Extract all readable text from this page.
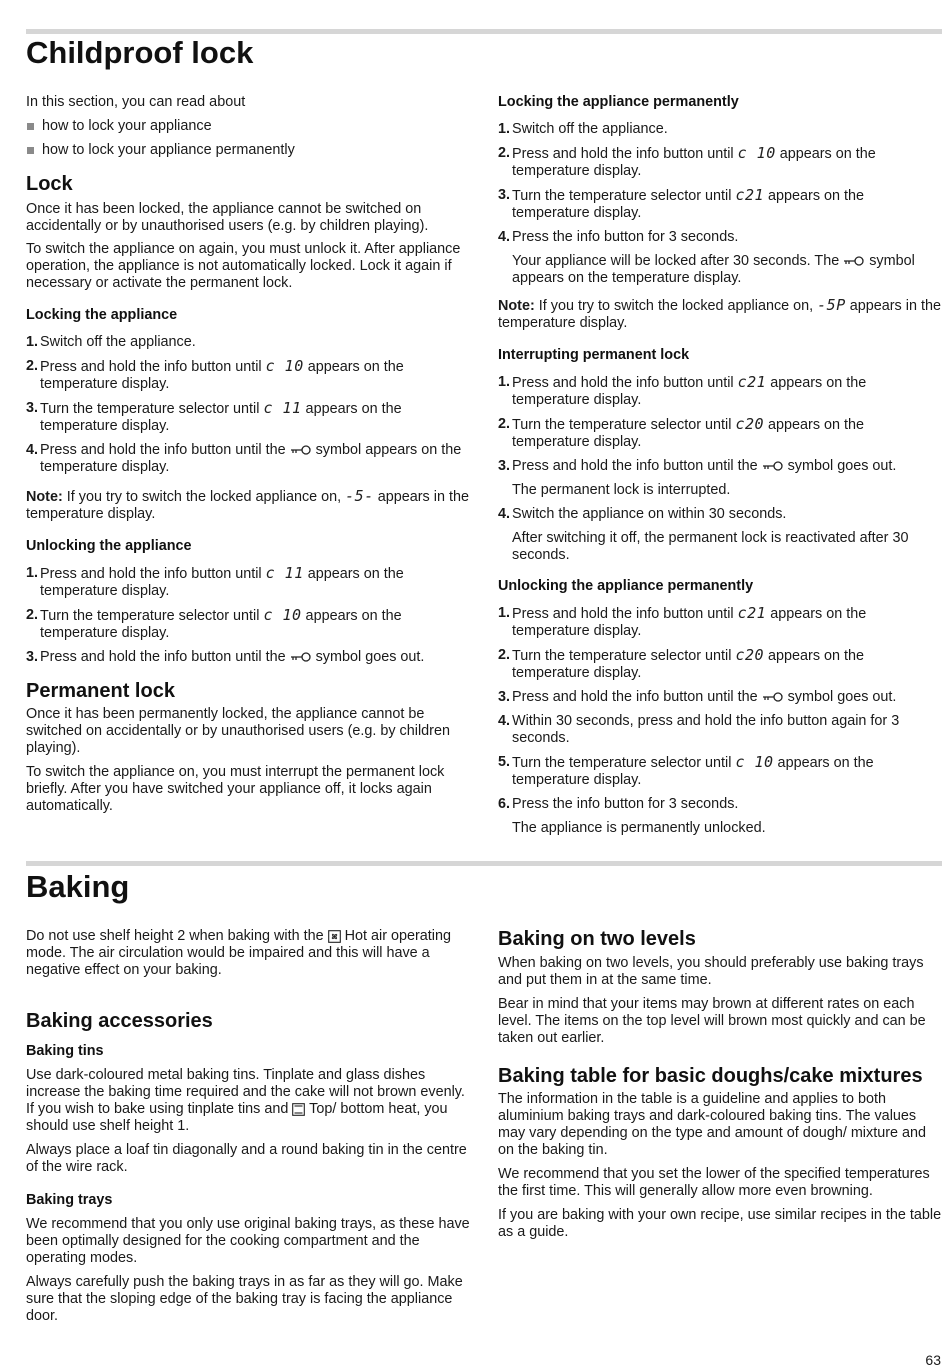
Childproof lock

In this section, you can read about

how to lock your appliance
how to lock your appliance permanently
Lock

Once it has been locked, the appliance cannot be switched on accidentally or by unauthorised users (e.g. by children playing).

To switch the appliance on again, you must unlock it. After appliance operation, the appliance is not automatically locked. Lock it again if necessary or activate the permanent lock.

Locking the appliance
1. Switch off the appliance.
2. Press and hold the info button until c 10 appears on the temperature display.
3. Turn the temperature selector until c 11 appears on the temperature display.
4. Press and hold the info button until the  symbol appears on the temperature display.

Note: If you try to switch the locked appliance on, -5- appears in the temperature display.

Unlocking the appliance
1. Press and hold the info button until c 11 appears on the temperature display.
2. Turn the temperature selector until c 10 appears on the temperature display.
3. Press and hold the info button until the  symbol goes out.
Permanent lock

Once it has been permanently locked, the appliance cannot be switched on accidentally or by unauthorised users (e.g. by children playing).

To switch the appliance on, you must interrupt the permanent lock briefly. After you have switched your appliance off, it locks again automatically.

Locking the appliance permanently
1. Switch off the appliance.
2. Press and hold the info button until c 10 appears on the temperature display.
3. Turn the temperature selector until c21 appears on the temperature display.
4. Press the info button for 3 seconds.
Your appliance will be locked after 30 seconds. The  symbol appears on the temperature display.

Note: If you try to switch the locked appliance on, -5P appears in the temperature display.

Interrupting permanent lock
1. Press and hold the info button until c21 appears on the temperature display.
2. Turn the temperature selector until c20 appears on the temperature display.
3. Press and hold the info button until the  symbol goes out.
The permanent lock is interrupted.
4. Switch the appliance on within 30 seconds.
After switching it off, the permanent lock is reactivated after 30 seconds.
Unlocking the appliance permanently
1. Press and hold the info button until c21 appears on the temperature display.
2. Turn the temperature selector until c20 appears on the temperature display.
3. Press and hold the info button until the  symbol goes out.
4. Within 30 seconds, press and hold the info button again for 3 seconds.
5. Turn the temperature selector until c 10 appears on the temperature display.
6. Press the info button for 3 seconds.
The appliance is permanently unlocked.
Baking

Do not use shelf height 2 when baking with the  Hot air operating mode. The air circulation would be impaired and this will have a negative effect on your baking.

Baking accessories
Baking tins

Use dark-coloured metal baking tins. Tinplate and glass dishes increase the baking time required and the cake will not brown evenly. If you wish to bake using tinplate tins and  Top/ bottom heat, you should use shelf height 1.

Always place a loaf tin diagonally and a round baking tin in the centre of the wire rack.

Baking trays

We recommend that you only use original baking trays, as these have been optimally designed for the cooking compartment and the operating modes.

Always carefully push the baking trays in as far as they will go. Make sure that the sloping edge of the baking tray is facing the appliance door.

Baking on two levels

When baking on two levels, you should preferably use baking trays and put them in at the same time.

Bear in mind that your items may brown at different rates on each level. The items on the top level will brown most quickly and can be taken out earlier.

Baking table for basic doughs/cake mixtures

The information in the table is a guideline and applies to both aluminium baking trays and dark-coloured baking tins. The values may vary depending on the type and amount of dough/ mixture and on the baking tin.

We recommend that you set the lower of the specified temperatures the first time. This will generally allow more even browning.

If you are baking with your own recipe, use similar recipes in the table as a guide.

63
